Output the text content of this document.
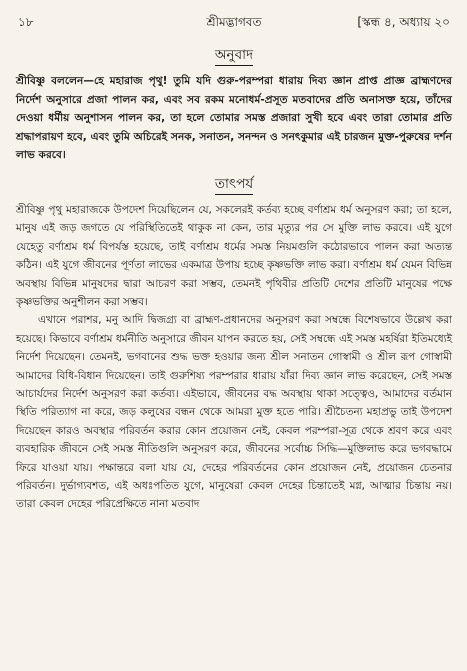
১৮	শ্রীমদ্ভাগবত	[স্কন্ধ ৪, অধ্যায় ২০
অনুবাদ
শ্রীবিষ্ণু বললেন—হে মহারাজ পৃথু! তুমি যদি গুরু-পরম্পরা ধারায় দিব্য জ্ঞান প্রাপ্ত প্রাজ্ঞ ব্রাহ্মণদের নির্দেশ অনুসারে প্রজা পালন কর, এবং সব রকম মনোধর্ম-প্রসূত মতবাদের প্রতি অনাসক্ত হয়ে, তাঁদের দেওয়া ধর্মীয় অনুশাসন পালন কর, তা হলে তোমার সমস্ত প্রজারা সুখী হবে এবং তারা তোমার প্রতি শ্রদ্ধাপরায়ণ হবে, এবং তুমি অচিরেই সনক, সনাতন, সনন্দন ও সনৎকুমার এই চারজন মুক্ত-পুরুষের দর্শন লাভ করবে।
তাৎপর্য

শ্রীবিষ্ণু পৃথু মহারাজকে উপদেশ দিয়েছিলেন যে, সকলেরই কর্তব্য হচ্ছে বর্ণাশ্রম ধর্ম অনুসরণ করা; তা হলে, মানুষ এই জড় জগতে যে পরিস্থিতিতেই থাকুক না কেন, তার মৃত্যুর পর সে মুক্তি লাভ করবে। এই যুগে যেহেতু বর্ণাশ্রম ধর্ম বিপর্যস্ত হয়েছে, তাই বর্ণাশ্রম ধর্মের সমস্ত নিয়মগুলি কঠোরভাবে পালন করা অত্যন্ত কঠিন। এই যুগে জীবনের পূর্ণতা লাভের একমাত্র উপায় হচ্ছে কৃষ্ণভক্তি লাভ করা। বর্ণাশ্রম ধর্ম যেমন বিভিন্ন অবস্থায় বিভিন্ন মানুষদের দ্বারা আচরণ করা সম্ভব, তেমনই পৃথিবীর প্রতিটি দেশের প্রতিটি মানুষের পক্ষে কৃষ্ণভক্তির অনুশীলন করা সম্ভব।

এখানে পরাশর, মনু আদি দ্বিজগ্র্য বা ব্রাহ্মণ-প্রধানদের অনুসরণ করা সম্বন্ধে বিশেষভাবে উল্লেখ করা হয়েছে। কিভাবে বর্ণাশ্রম ধর্মনীতি অনুসারে জীবন যাপন করতে হয়, সেই সম্বন্ধে এই সমস্ত মহর্ষিরা ইতিমধ্যেই নির্দেশ দিয়েছেন। তেমনই, ভগবানের শুদ্ধ ভক্ত হওয়ার জন্য শ্রীল সনাতন গোস্বামী ও শ্রীল রূপ গোস্বামী আমাদের বিধি-বিধান দিয়েছেন। তাই গুরুশিষ্য পরম্পরার ধারায় যাঁরা দিব্য জ্ঞান লাভ করেছেন, সেই সমস্ত আচার্যদের নির্দেশ অনুসরণ করা কর্তব্য। এইভাবে, জীবনের বদ্ধ অবস্থায় থাকা সত্ত্বেও, আমাদের বর্তমান স্থিতি পরিত্যাগ না করে, জড় কলুষের বন্ধন থেকে আমরা মুক্ত হতে পারি। শ্রীচৈতন্য মহাপ্রভু তাই উপদেশ দিয়েছেন কারও অবস্থার পরিবর্তন করার কোন প্রয়োজন নেই, কেবল পরম্পরা-সূত্র থেকে শ্রবণ করে এবং ব্যবহারিক জীবনে সেই সমস্ত নীতিগুলি অনুসরণ করে, জীবনের সর্বোচ্চ সিদ্ধি—মুক্তিলাভ করে ভগবদ্ধামে ফিরে যাওয়া যায়। পক্ষান্তরে বলা যায় যে, দেহের পরিবর্তনের কোন প্রয়োজন নেই, প্রয়োজন চেতনার পরিবর্তন। দুর্ভাগ্যবশত, এই অধঃপতিত যুগে, মানুষেরা কেবল দেহের চিন্তাতেই মগ্ন, আত্মার চিন্তায় নয়। তারা কেবল দেহের পরিপ্রেক্ষিতে নানা মতবাদ
